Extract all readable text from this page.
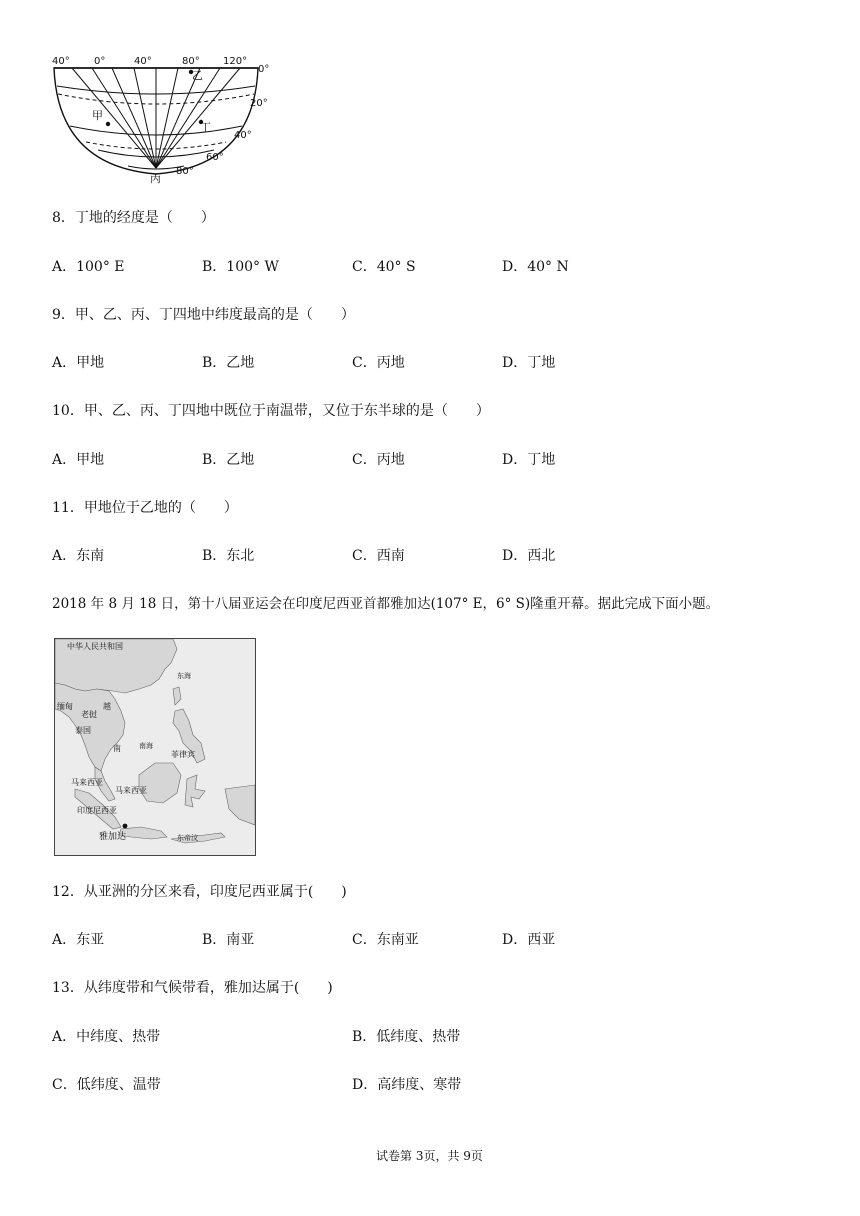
40° 0°	40°	80° 120°
0°
20°
40°
60°
80°
甲
乙
丁
丙
8．丁地的经度是（　　）
A．100° E	B．100° W	C．40° S	D．40° N
9．甲、乙、丙、丁四地中纬度最高的是（　　）
A．甲地	B．乙地	C．丙地	D．丁地
10．甲、乙、丙、丁四地中既位于南温带，又位于东半球的是（　　）
A．甲地	B．乙地	C．丙地	D．丁地
11．甲地位于乙地的（　　）
A．东南	B．东北	C．西南	D．西北
2018 年 8 月 18 日，第十八届亚运会在印度尼西亚首都雅加达(107° E，6° S)隆重开幕。据此完成下面小题。
中华人民共和国
东海
缅甸	越
老挝
泰国
南	南海
菲律宾
马来西亚
马来西亚
印度尼西亚
雅加达	东帝汶
12．从亚洲的分区来看，印度尼西亚属于(　　)
A．东亚	B．南亚	C．东南亚	D．西亚
13．从纬度带和气候带看，雅加达属于(　　)
A．中纬度、热带	B．低纬度、热带
C．低纬度、温带	D．高纬度、寒带
试卷第 3页，共 9页
